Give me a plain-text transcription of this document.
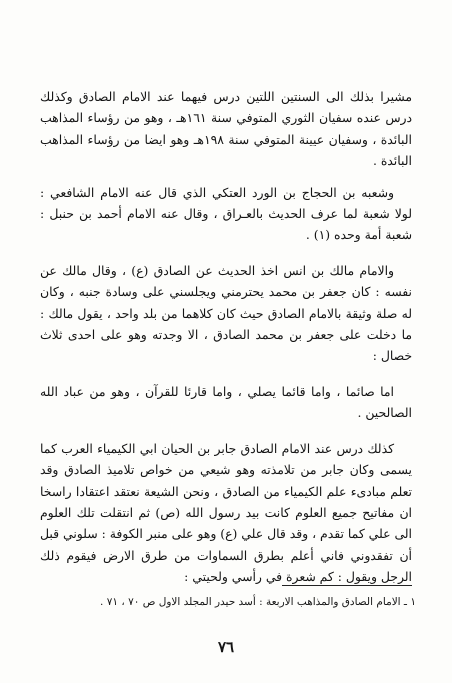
مشيرا بذلك الى السنتين اللتين درس فيهما عند الامام الصادق وكذلك درس عنده سفيان الثوري المتوفي سنة ١٦١هـ ، وهو من رؤساء المذاهب البائدة ، وسفيان عيينة المتوفي سنة ١٩٨هـ وهو ايضا من رؤساء المذاهب البائدة .

وشعبه بن الحجاج بن الورد العتكي الذي قال عنه الامام الشافعي : لولا شعبة لما عرف الحديث بالعـراق ، وقال عنه الامام أحمد بن حنبل : شعبة أمة وحده (١) .

والامام مالك بن انس اخذ الحديث عن الصادق (ع) ، وقال مالك عن نفسه : كان جعفر بن محمد يحترمني ويجلسني على وسادة جنبه ، وكان له صلة وثيقة بالامام الصادق حيث كان كلاهما من بلد واحد ، يقول مالك : ما دخلت على جعفر بن محمد الصادق ، الا وجدته وهو على احدى ثلاث خصال :

اما صائما ، واما قائما يصلي ، واما قارئا للقرآن ، وهو من عباد الله الصالحين .

كذلك درس عند الامام الصادق جابر بن الحيان ابي الكيمياء العرب كما يسمى وكان جابر من تلامذته وهو شيعي من خواص تلاميذ الصادق وقد تعلم مبادىء علم الكيمياء من الصادق ، ونحن الشيعة نعتقد اعتقادا راسخا ان مفاتيح جميع العلوم كانت بيد رسول الله (ص) ثم انتقلت تلك العلوم الى علي كما تقدم ، وقد قال علي (ع) وهو على منبر الكوفة : سلوني قبل أن تفقدوني فاني أعلم بطرق السماوات من طرق الارض فيقوم ذلك الرجل ويقول : كم شعرة في رأسي ولحيتي :

١ ـ الامام الصادق والمذاهب الاربعة : أسد حيدر المجلد الاول ص ٧٠ ، ٧١ .
٧٦
